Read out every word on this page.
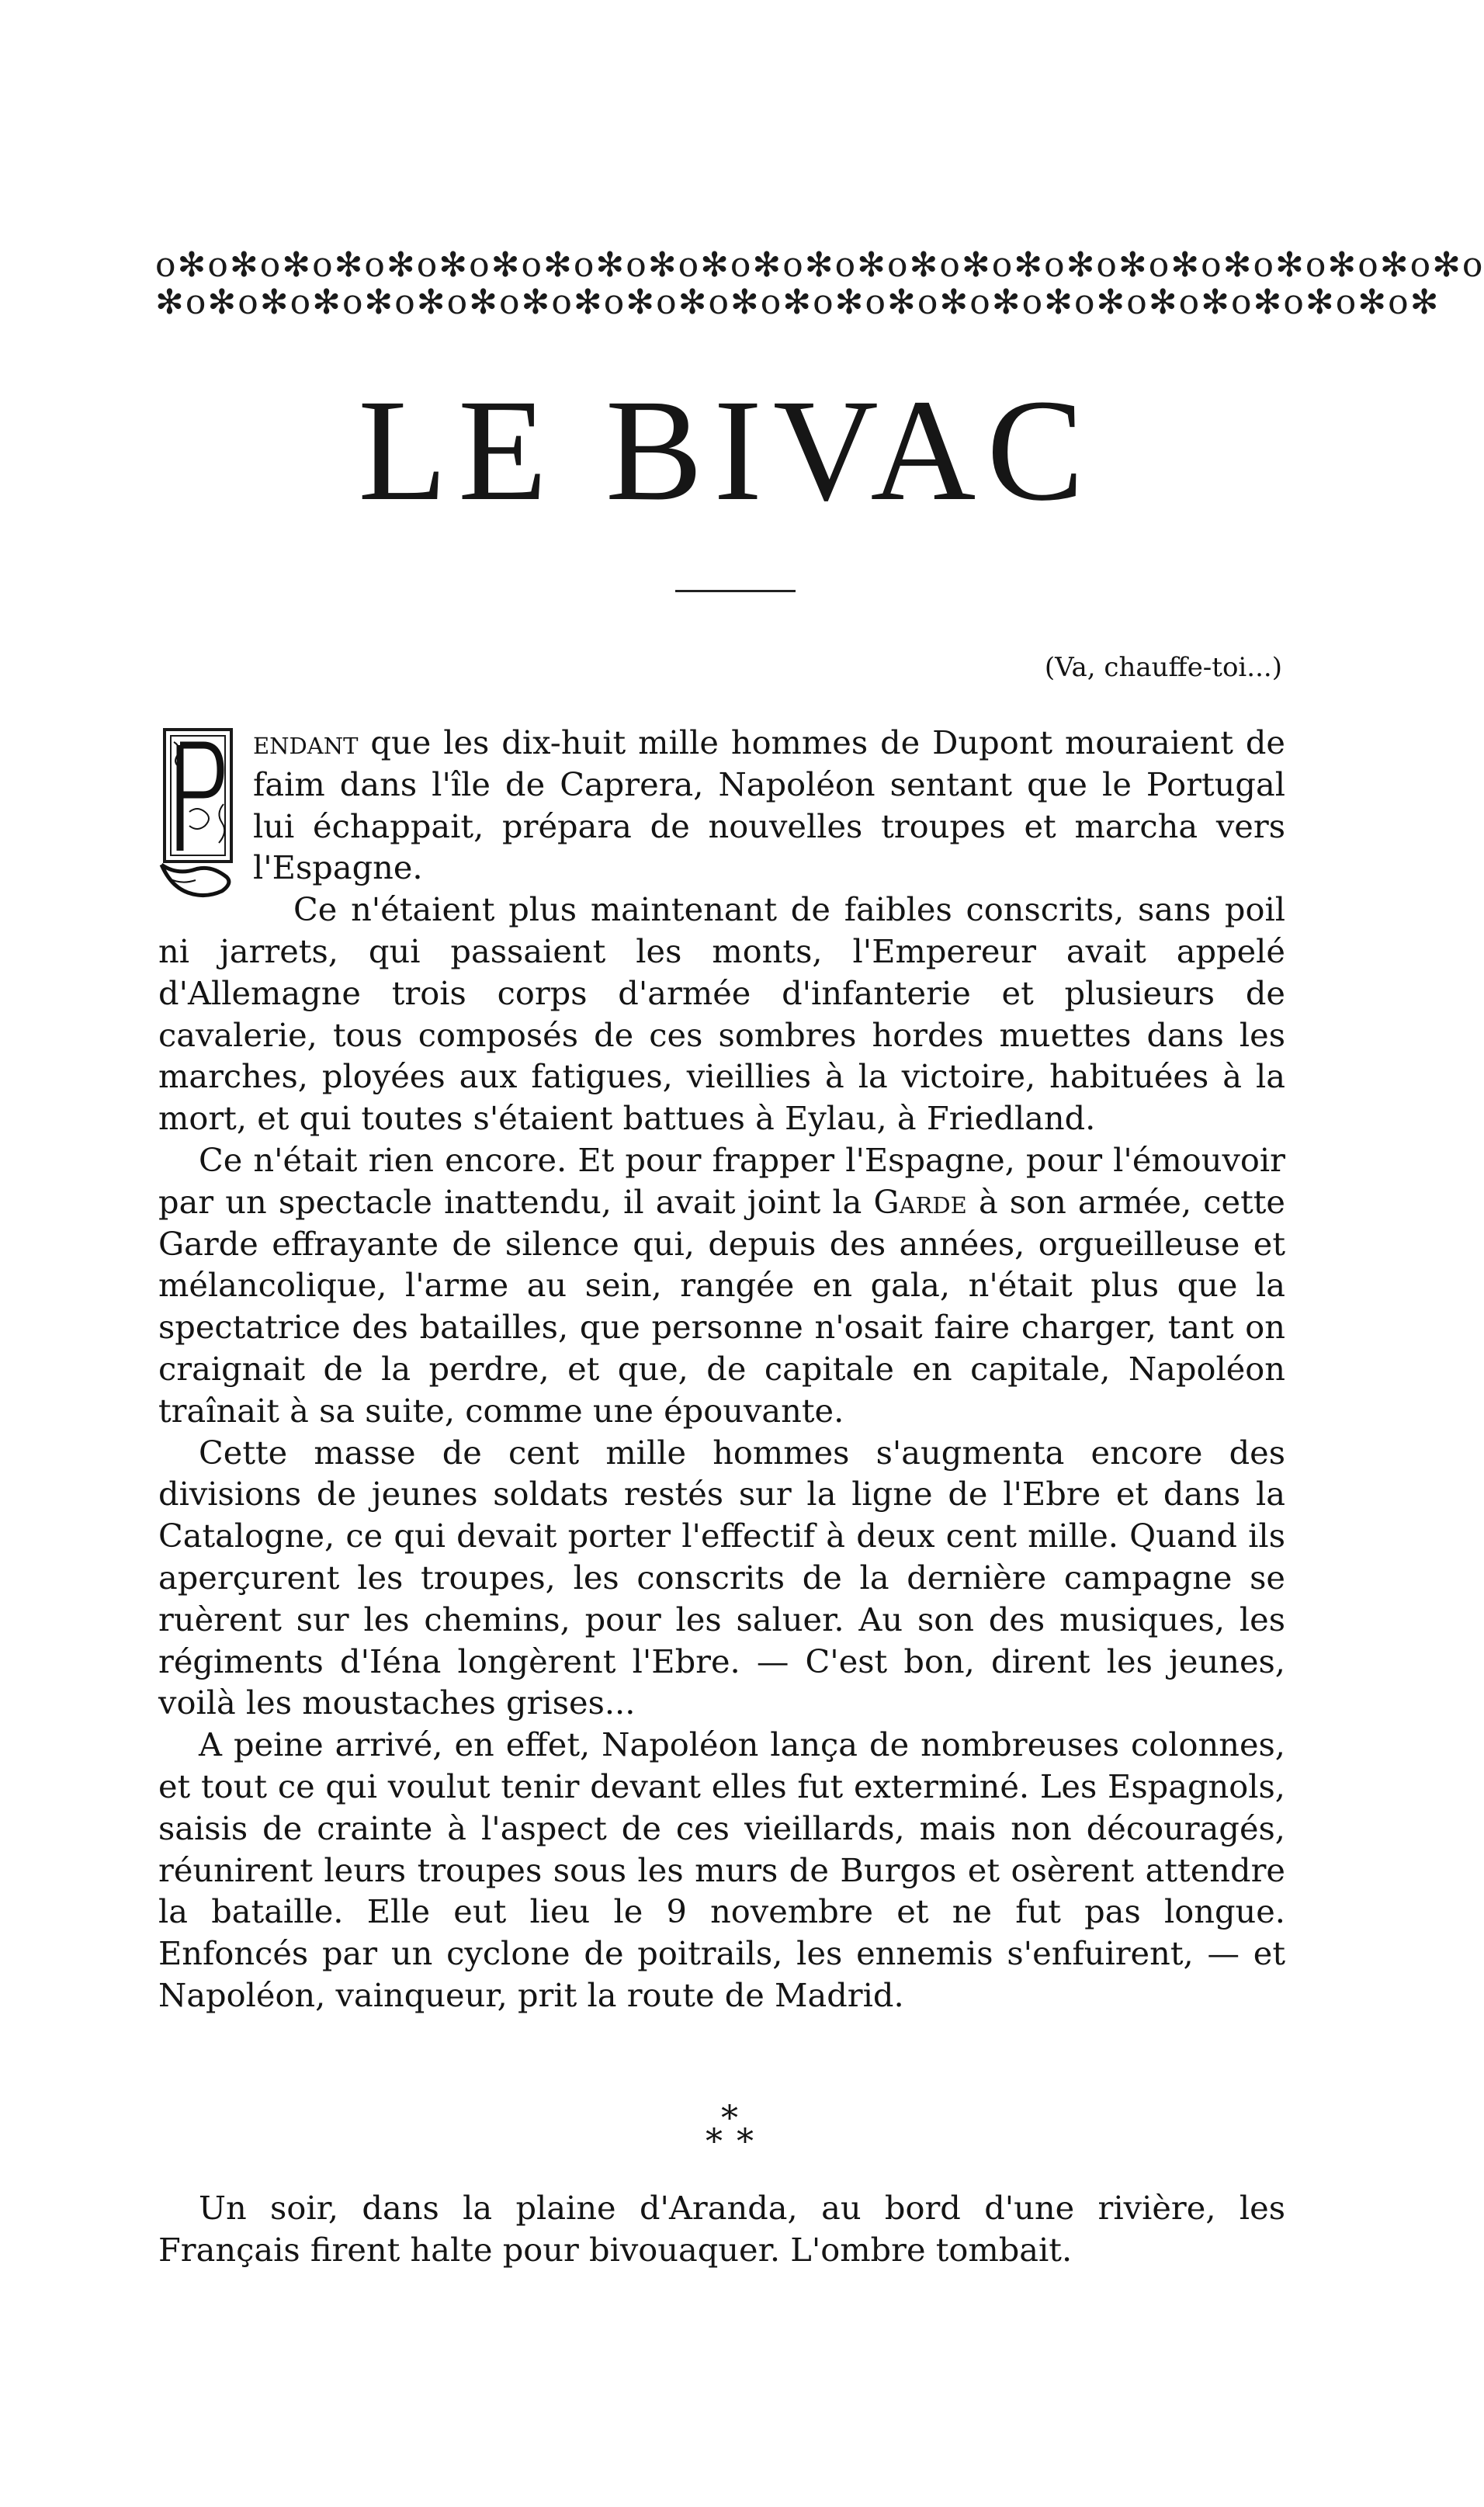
o✻o✻o✻o✻o✻o✻o✻o✻o✻o✻o✻o✻o✻o✻o✻o✻o✻o✻o✻o✻o✻o✻o✻o✻o✻o
✻o✻o✻o✻o✻o✻o✻o✻o✻o✻o✻o✻o✻o✻o✻o✻o✻o✻o✻o✻o✻o✻o✻o✻o✻
LE BIVAC
(Va, chauffe-toi...)

endant que les dix-huit mille hommes de Dupont mouraient de faim dans l'île de Caprera, Napoléon sentant que le Portugal lui échappait, prépara de nouvelles troupes et marcha vers l'Espagne.

Ce n'étaient plus maintenant de faibles conscrits, sans poil ni jarrets, qui passaient les monts, l'Empereur avait appelé d'Allemagne trois corps d'armée d'infanterie et plusieurs de cavalerie, tous composés de ces sombres hordes muettes dans les marches, ployées aux fatigues, vieillies à la victoire, habituées à la mort, et qui toutes s'étaient battues à Eylau, à Friedland.

Ce n'était rien encore. Et pour frapper l'Espagne, pour l'émouvoir par un spectacle inattendu, il avait joint la Garde à son armée, cette Garde effrayante de silence qui, depuis des années, orgueilleuse et mélancolique, l'arme au sein, rangée en gala, n'était plus que la spectatrice des batailles, que personne n'osait faire charger, tant on craignait de la perdre, et que, de capitale en capitale, Napoléon traînait à sa suite, comme une épouvante.

Cette masse de cent mille hommes s'augmenta encore des divisions de jeunes soldats restés sur la ligne de l'Ebre et dans la Catalogne, ce qui devait porter l'effectif à deux cent mille. Quand ils aperçurent les troupes, les conscrits de la dernière campagne se ruèrent sur les chemins, pour les saluer. Au son des musiques, les régiments d'Iéna longèrent l'Ebre. — C'est bon, dirent les jeunes, voilà les moustaches grises...

A peine arrivé, en effet, Napoléon lança de nombreuses colonnes, et tout ce qui voulut tenir devant elles fut exterminé. Les Espagnols, saisis de crainte à l'aspect de ces vieillards, mais non découragés, réunirent leurs troupes sous les murs de Burgos et osèrent attendre la bataille. Elle eut lieu le 9 novembre et ne fut pas longue. Enfoncés par un cyclone de poitrails, les ennemis s'enfuirent, — et Napoléon, vainqueur, prit la route de Madrid.

*
* *

Un soir, dans la plaine d'Aranda, au bord d'une rivière, les Français firent halte pour bivouaquer. L'ombre tombait.
